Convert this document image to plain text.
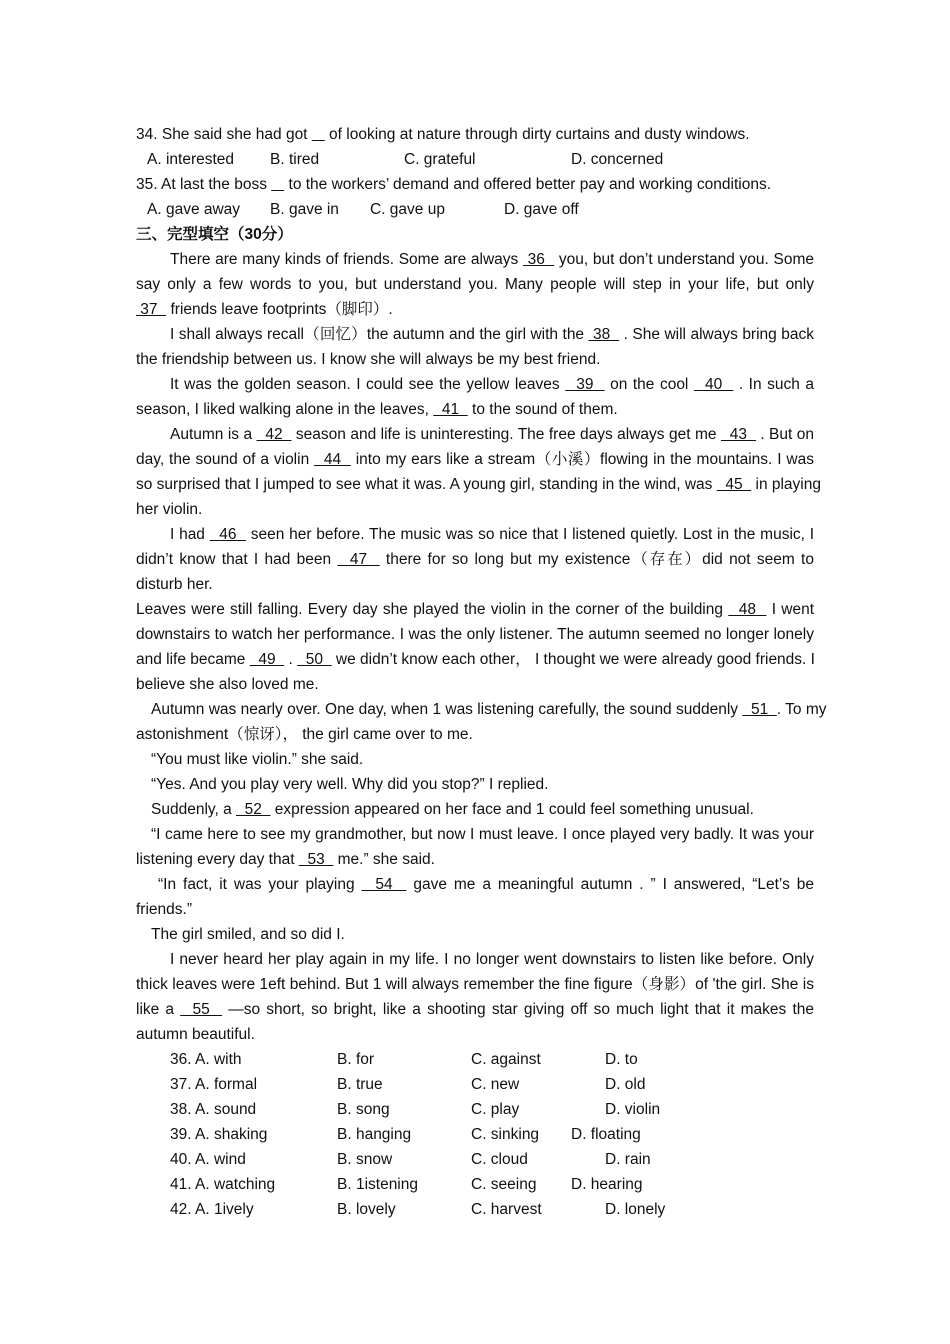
34. She said she had got     of looking at nature through dirty curtains and dusty windows.
A. interested B. tired	C. grateful	D. concerned
35. At last the boss     to the workers’ demand and offered better pay and working conditions.
A. gave away B. gave in C. gave up	D. gave off
三、完型填空（30分）
There are many kinds of friends. Some are always  36   you, but don’t understand you. Some
say only a few words to you, but understand you. Many people will step in your life, but only
37   friends leave footprints（脚印）.
I shall always recall（回忆）the autumn and the girl with the  38   . She will always bring back
the friendship between us. I know she will always be my best friend.
It was the golden season. I could see the yellow leaves   39   on the cool   40   . In such a
season, I liked walking alone in the leaves,   41   to the sound of them.
Autumn is a   42   season and life is uninteresting. The free days always get me   43   . But on
day, the sound of a violin   44   into my ears like a stream（小溪）flowing in the mountains. I was
so surprised that I jumped to see what it was. A young girl, standing in the wind, was   45   in playing
her violin.
I had   46   seen her before. The music was so nice that I listened quietly. Lost in the music, I
didn’t know that I had been   47   there for so long but my existence（存在）did not seem to
disturb her.
Leaves were still falling. Every day she played the violin in the corner of the building   48   I went
downstairs to watch her performance. I was the only listener. The autumn seemed no longer lonely
and life became   49   .   50   we didn’t know each other， I thought we were already good friends. I
believe she also loved me.
Autumn was nearly over. One day, when 1 was listening carefully, the sound suddenly   51  . To my
astonishment（惊讶）， the girl came over to me.
“You must like violin.” she said.
“Yes. And you play very well. Why did you stop?” I replied.
Suddenly, a   52   expression appeared on her face and 1 could feel something unusual.
“I came here to see my grandmother, but now I must leave. I once played very badly. It was your
listening every day that   53   me.” she said.
“In fact, it was your playing   54   gave me a meaningful autumn . ” I answered, “Let’s be
friends.”
The girl smiled, and so did I.
I never heard her play again in my life. I no longer went downstairs to listen like before. Only
thick leaves were 1eft behind. But 1 will always remember the fine figure（身影）of 'the girl. She is
like a   55   —so short, so bright, like a shooting star giving off so much light that it makes the
autumn beautiful.
36. A. with	B. for	C. against	D. to
37. A. formal	B. true	C. new	D. old
38. A. sound	B. song	C. play	D. violin
39. A. shaking	B. hanging	C. sinking D. floating
40. A. wind	B. snow	C. cloud	D. rain
41. A. watching	B. 1istening	C. seeing D. hearing
42. A. 1ively	B. lovely	C. harvest	D. lonely
